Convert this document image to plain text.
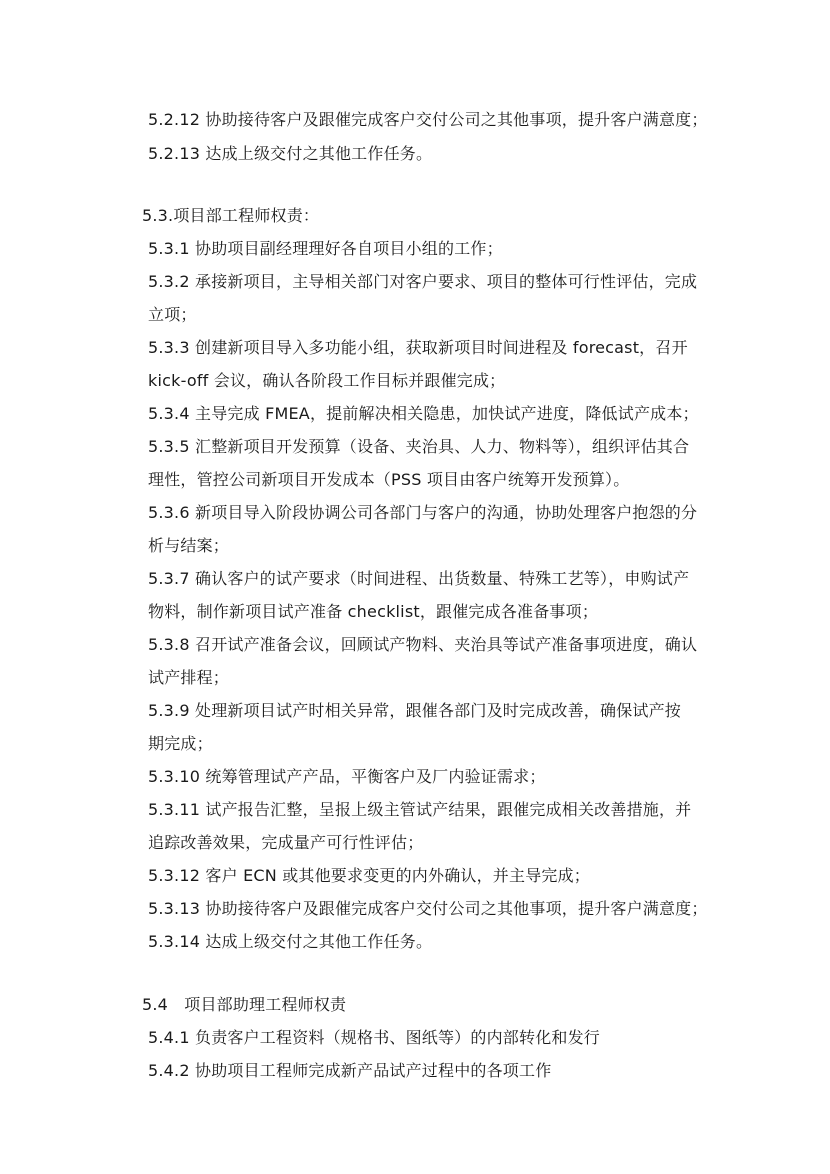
​
​
5.2.12 协助接待客户及跟催完成客户交付公司之其他事项，提升客户满意度；
5.2.13 达成上级交付之其他工作任务。
5.3.项目部工程师权责：
5.3.1 协助项目副经理理好各自项目小组的工作；
5.3.2 承接新项目，主导相关部门对客户要求、项目的整体可行性评估，完成
立项；
5.3.3 创建新项目导入多功能小组，获取新项目时间进程及 forecast，召开
kick-off 会议，确认各阶段工作目标并跟催完成；
5.3.4 主导完成 FMEA，提前解决相关隐患，加快试产进度，降低试产成本；
5.3.5 汇整新项目开发预算（设备、夹治具、人力、物料等），组织评估其合
理性，管控公司新项目开发成本（PSS 项目由客户统筹开发预算）。
5.3.6 新项目导入阶段协调公司各部门与客户的沟通，协助处理客户抱怨的分
析与结案；
5.3.7 确认客户的试产要求（时间进程、出货数量、特殊工艺等），申购试产
物料，制作新项目试产准备 checklist，跟催完成各准备事项；
5.3.8 召开试产准备会议，回顾试产物料、夹治具等试产准备事项进度，确认
试产排程；
5.3.9 处理新项目试产时相关异常，跟催各部门及时完成改善，确保试产按
期完成；
5.3.10 统筹管理试产产品，平衡客户及厂内验证需求；
5.3.11 试产报告汇整，呈报上级主管试产结果，跟催完成相关改善措施，并
追踪改善效果，完成量产可行性评估；
5.3.12 客户 ECN 或其他要求变更的内外确认，并主导完成；
5.3.13 协助接待客户及跟催完成客户交付公司之其他事项，提升客户满意度；
5.3.14 达成上级交付之其他工作任务。
5.4　项目部助理工程师权责
5.4.1 负责客户工程资料（规格书、图纸等）的内部转化和发行
5.4.2 协助项目工程师完成新产品试产过程中的各项工作
